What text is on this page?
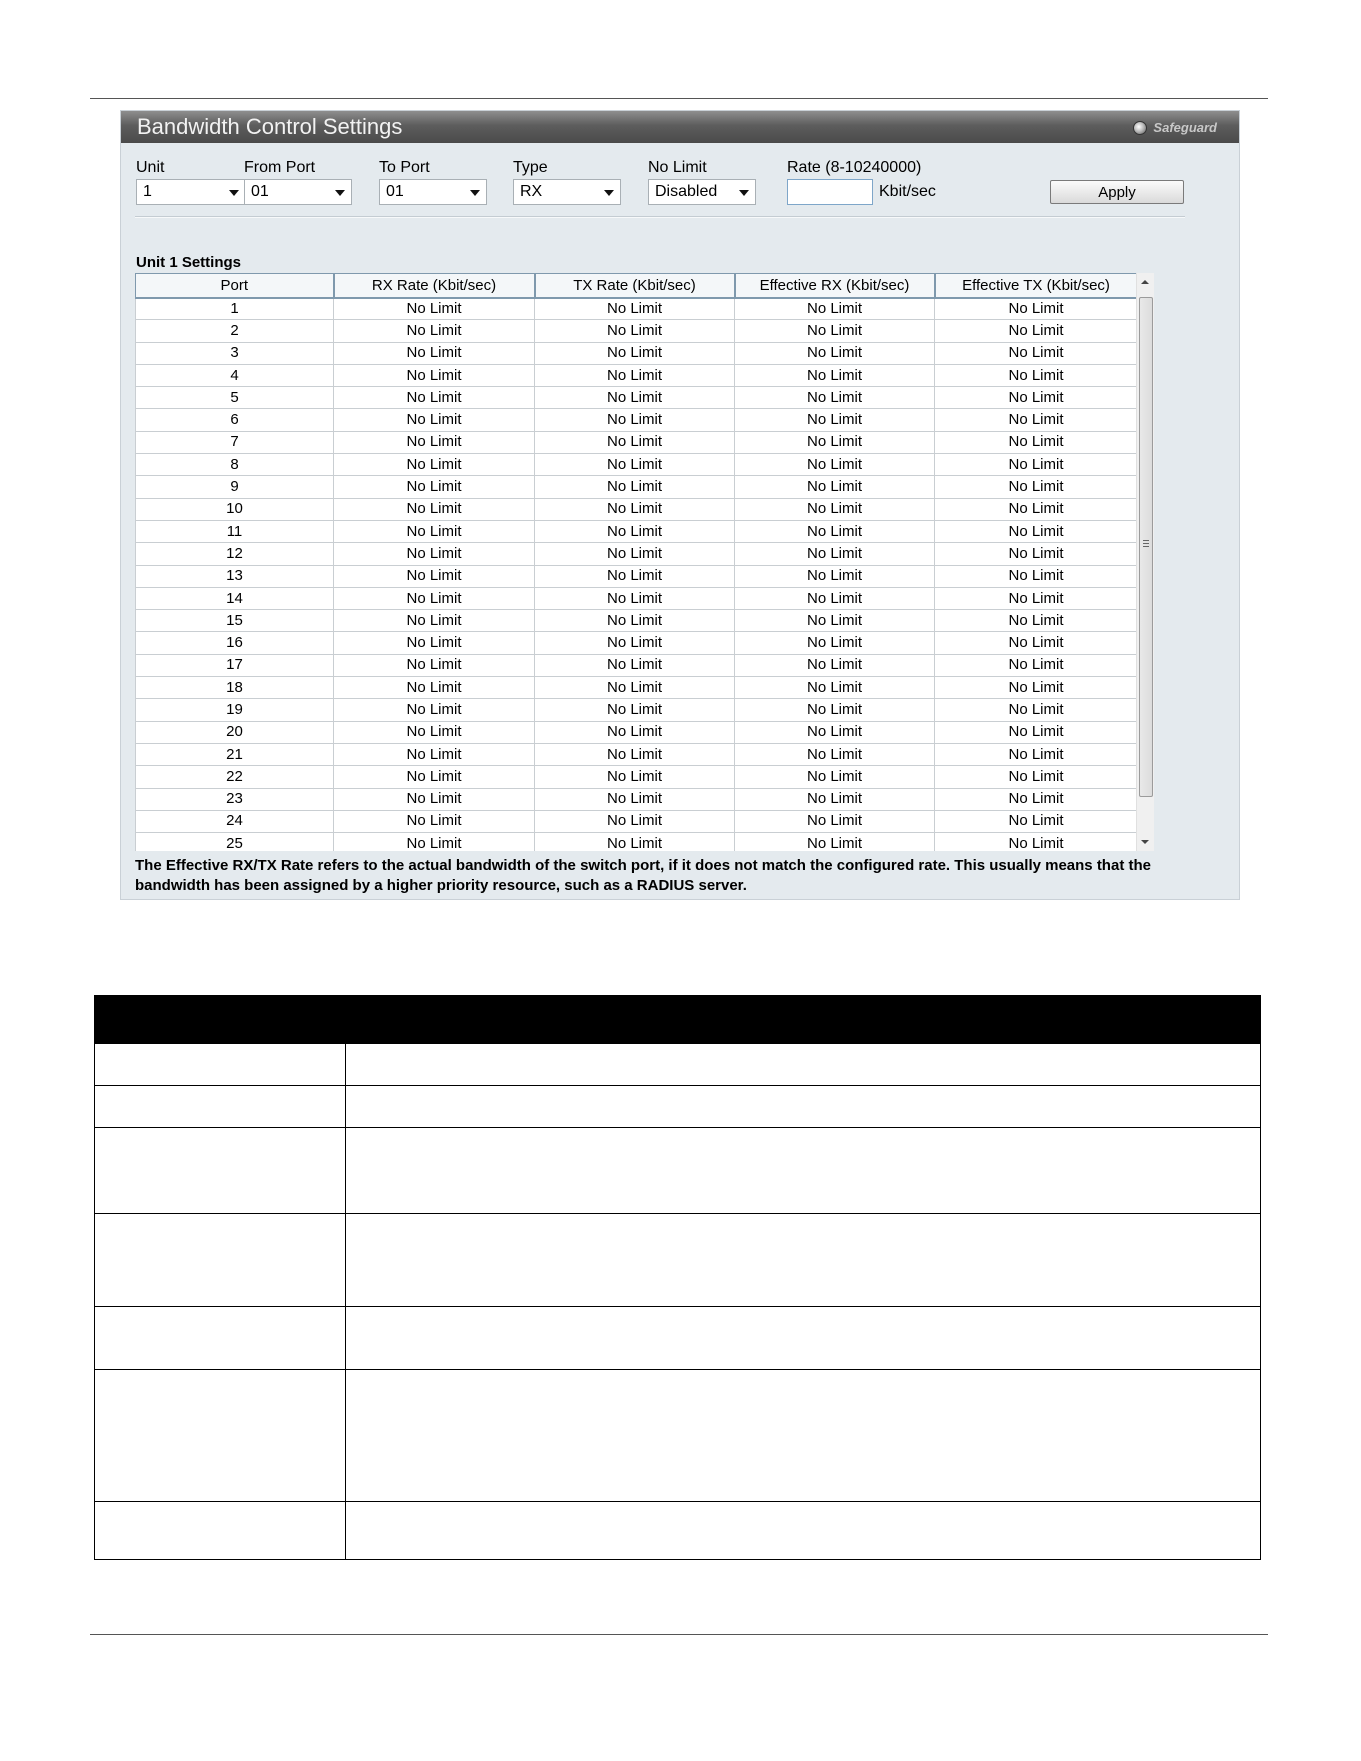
Bandwidth Control Settings	Safeguard
Unit	From Port	To Port	Type	No Limit	Rate (8-10240000)
1	01	01	RX	Disabled	Kbit/sec	Apply
Unit 1 Settings
Port	RX Rate (Kbit/sec)	TX Rate (Kbit/sec)	Effective RX (Kbit/sec)	Effective TX (Kbit/sec)
1	No Limit	No Limit	No Limit	No Limit
2	No Limit	No Limit	No Limit	No Limit
3	No Limit	No Limit	No Limit	No Limit
4	No Limit	No Limit	No Limit	No Limit
5	No Limit	No Limit	No Limit	No Limit
6	No Limit	No Limit	No Limit	No Limit
7	No Limit	No Limit	No Limit	No Limit
8	No Limit	No Limit	No Limit	No Limit
9	No Limit	No Limit	No Limit	No Limit
10	No Limit	No Limit	No Limit	No Limit
11	No Limit	No Limit	No Limit	No Limit
12	No Limit	No Limit	No Limit	No Limit
13	No Limit	No Limit	No Limit	No Limit
14	No Limit	No Limit	No Limit	No Limit
15	No Limit	No Limit	No Limit	No Limit
16	No Limit	No Limit	No Limit	No Limit
17	No Limit	No Limit	No Limit	No Limit
18	No Limit	No Limit	No Limit	No Limit
19	No Limit	No Limit	No Limit	No Limit
20	No Limit	No Limit	No Limit	No Limit
21	No Limit	No Limit	No Limit	No Limit
22	No Limit	No Limit	No Limit	No Limit
23	No Limit	No Limit	No Limit	No Limit
24	No Limit	No Limit	No Limit	No Limit
25	No Limit	No Limit	No Limit	No Limit
The Effective RX/TX Rate refers to the actual bandwidth of the switch port, if it does not match the configured rate. This usually means that the bandwidth has been assigned by a higher priority resource, such as a RADIUS server.
